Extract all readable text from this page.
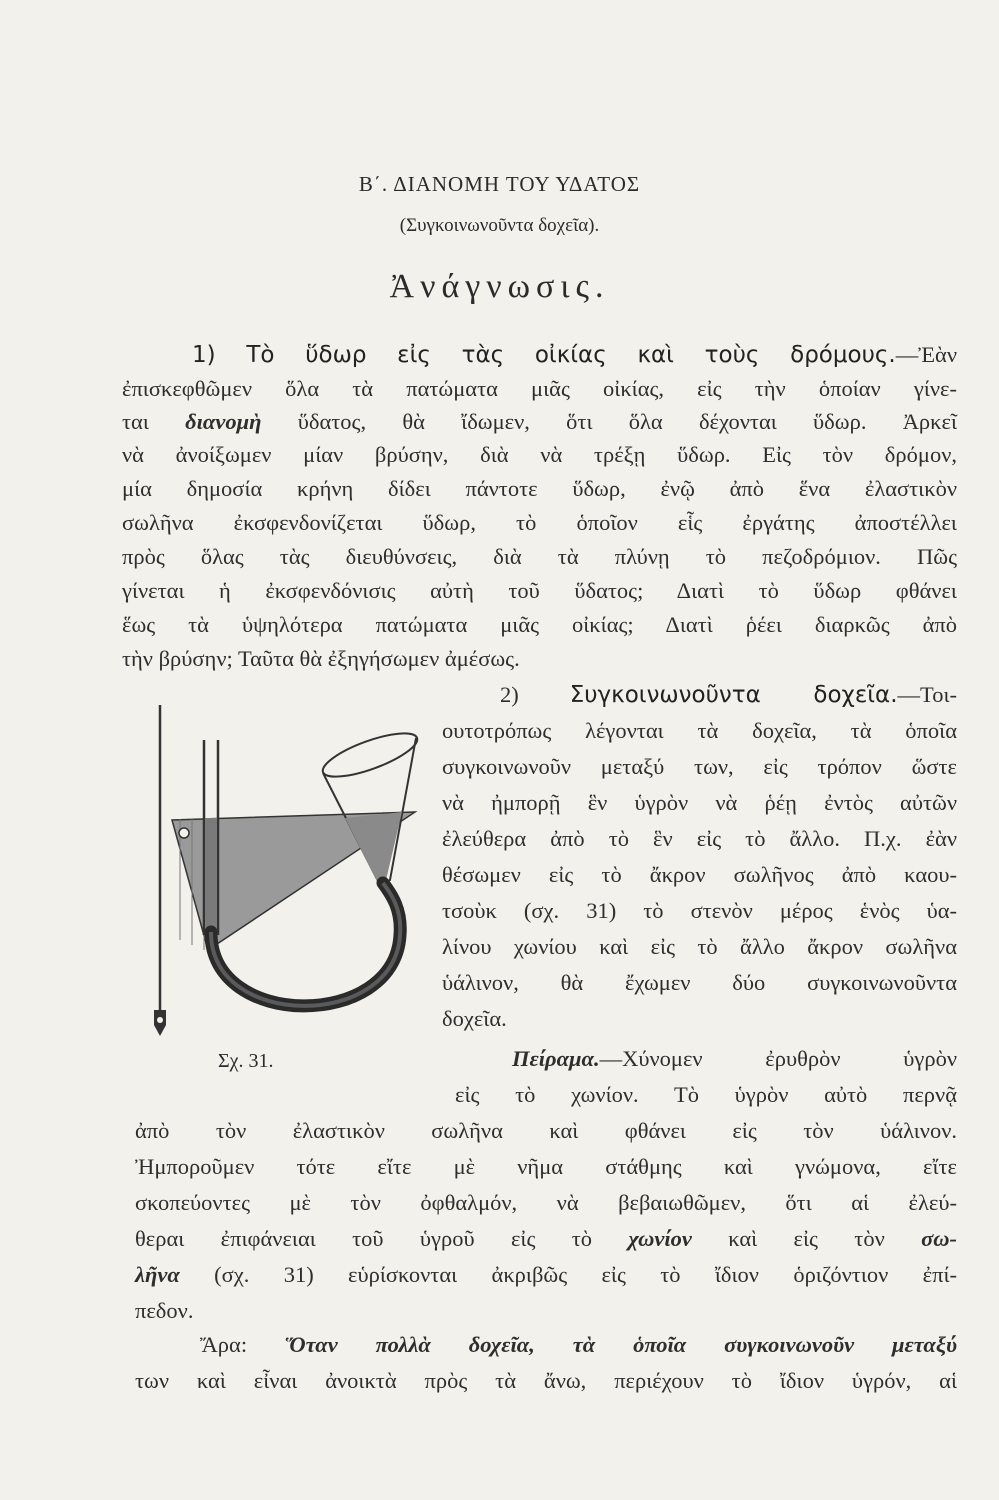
Β΄. ΔΙΑΝΟΜΗ ΤΟΥ ΥΔΑΤΟΣ
(Συγκοινωνοῦντα δοχεῖα).
Ἀνάγνωσις.
1) Τὸ ὕδωρ εἰς τὰς οἰκίας καὶ τοὺς δρόμους.—Ἐὰν
ἐπισκεφθῶμεν ὅλα τὰ πατώματα μιᾶς οἰκίας, εἰς τὴν ὁποίαν γίνε-
ται διανομὴ ὕδατος, θὰ ἴδωμεν, ὅτι ὅλα δέχονται ὕδωρ. Ἀρκεῖ
νὰ ἀνοίξωμεν μίαν βρύσην, διὰ νὰ τρέξῃ ὕδωρ. Εἰς τὸν δρόμον,
μία δημοσία κρήνη δίδει πάντοτε ὕδωρ, ἐνῷ ἀπὸ ἕνα ἐλαστικὸν
σωλῆνα ἐκσφενδονίζεται ὕδωρ, τὸ ὁποῖον εἷς ἐργάτης ἀποστέλλει
πρὸς ὅλας τὰς διευθύνσεις, διὰ τὰ πλύνῃ τὸ πεζοδρόμιον. Πῶς
γίνεται ἡ ἐκσφενδόνισις αὐτὴ τοῦ ὕδατος; Διατὶ τὸ ὕδωρ φθάνει
ἕως τὰ ὑψηλότερα πατώματα μιᾶς οἰκίας; Διατὶ ῥέει διαρκῶς ἀπὸ
τὴν βρύσην; Ταῦτα θὰ ἐξηγήσωμεν ἀμέσως.
2) Συγκοινωνοῦντα δοχεῖα.—Τοι-
ουτοτρόπως λέγονται τὰ δοχεῖα, τὰ ὁποῖα
συγκοινωνοῦν μεταξύ των, εἰς τρόπον ὥστε
νὰ ἠμπορῇ ἓν ὑγρὸν νὰ ῥέῃ ἐντὸς αὐτῶν
ἐλεύθερα ἀπὸ τὸ ἓν εἰς τὸ ἄλλο. Π.χ. ἐὰν
θέσωμεν εἰς τὸ ἄκρον σωλῆνος ἀπὸ καου-
τσοὺκ (σχ. 31) τὸ στενὸν μέρος ἑνὸς ὑα-
λίνου χωνίου καὶ εἰς τὸ ἄλλο ἄκρον σωλῆνα
ὑάλινον, θὰ ἔχωμεν δύο συγκοινωνοῦντα
δοχεῖα.
Σχ. 31.	Πείραμα.—Χύνομεν ἐρυθρὸν ὑγρὸν
εἰς τὸ χωνίον. Τὸ ὑγρὸν αὐτὸ περνᾷ
ἀπὸ τὸν ἐλαστικὸν σωλῆνα καὶ φθάνει εἰς τὸν ὑάλινον.
Ἠμποροῦμεν τότε εἴτε μὲ νῆμα στάθμης καὶ γνώμονα, εἴτε
σκοπεύοντες μὲ τὸν ὀφθαλμόν, νὰ βεβαιωθῶμεν, ὅτι αἱ ἐλεύ-
θεραι ἐπιφάνειαι τοῦ ὑγροῦ εἰς τὸ χωνίον καὶ εἰς τὸν σω-
λῆνα (σχ. 31) εὑρίσκονται ἀκριβῶς εἰς τὸ ἴδιον ὁριζόντιον ἐπί-
πεδον.
Ἄρα: Ὅταν πολλὰ δοχεῖα, τὰ ὁποῖα συγκοινωνοῦν μεταξύ
των καὶ εἶναι ἀνοικτὰ πρὸς τὰ ἄνω, περιέχουν τὸ ἴδιον ὑγρόν, αἱ
